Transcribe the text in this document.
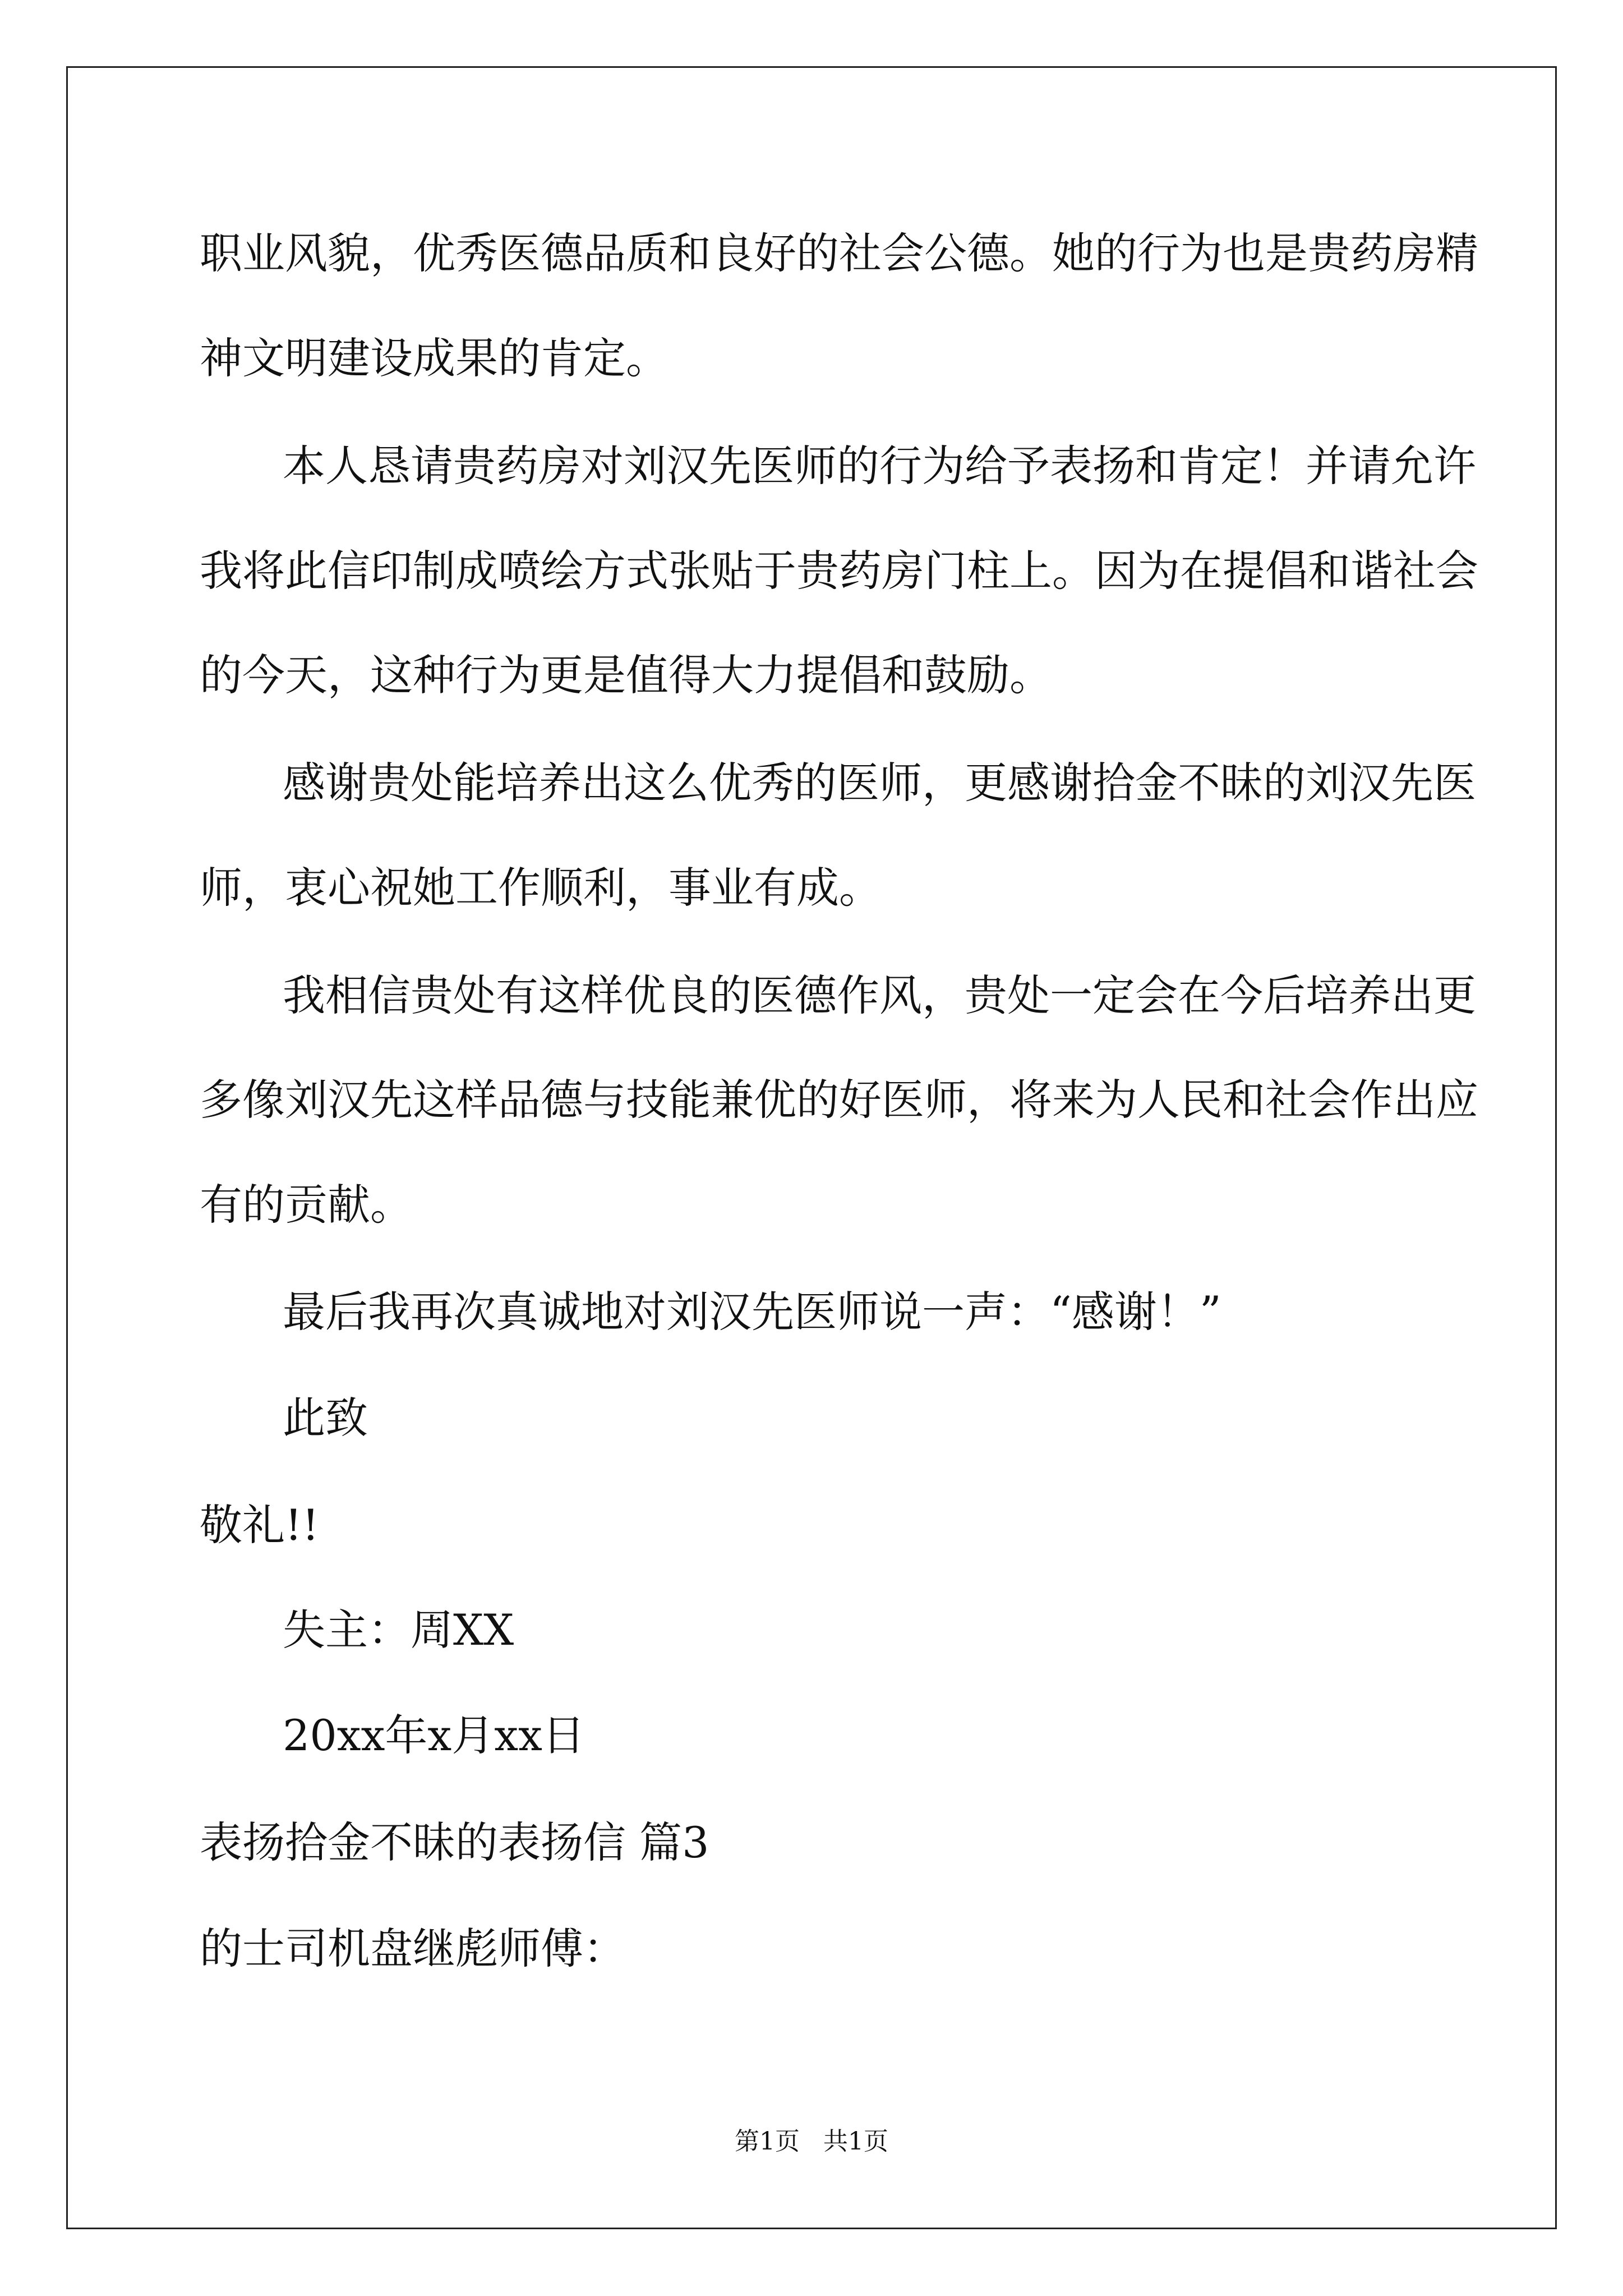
职业风貌，优秀医德品质和良好的社会公德。她的行为也是贵药房精

神文明建设成果的肯定。

本人恳请贵药房对刘汉先医师的行为给予表扬和肯定！并请允许

我将此信印制成喷绘方式张贴于贵药房门柱上。因为在提倡和谐社会

的今天，这种行为更是值得大力提倡和鼓励。

感谢贵处能培养出这么优秀的医师，更感谢拾金不昧的刘汉先医

师，衷心祝她工作顺利，事业有成。

我相信贵处有这样优良的医德作风，贵处一定会在今后培养出更

多像刘汉先这样品德与技能兼优的好医师，将来为人民和社会作出应

有的贡献。

最后我再次真诚地对刘汉先医师说一声：“感谢！”

此致

敬礼!!

失主：周XX

20xx年x月xx日

表扬拾金不昧的表扬信 篇3

的士司机盘继彪师傅：

第1页   共1页
